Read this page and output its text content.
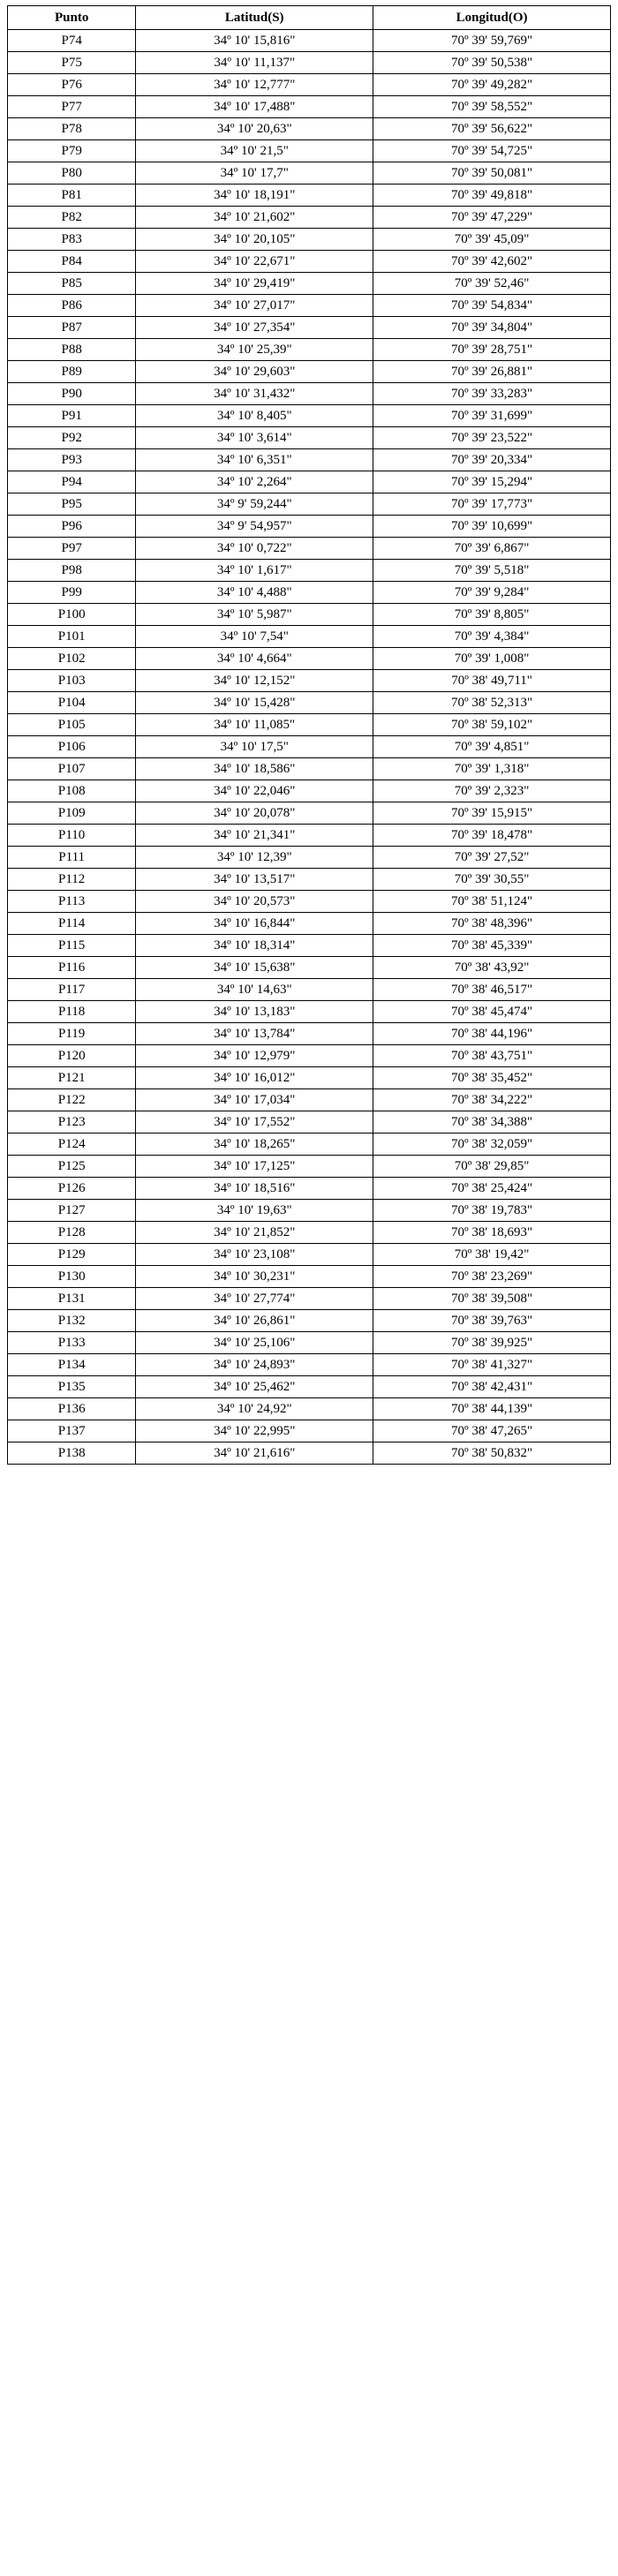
Punto	Latitud(S)	Longitud(O)
P74	34º 10' 15,816"	70º 39' 59,769"
P75	34º 10' 11,137"	70º 39' 50,538"
P76	34º 10' 12,777"	70º 39' 49,282"
P77	34º 10' 17,488"	70º 39' 58,552"
P78	34º 10' 20,63"	70º 39' 56,622"
P79	34º 10' 21,5"	70º 39' 54,725"
P80	34º 10' 17,7"	70º 39' 50,081"
P81	34º 10' 18,191"	70º 39' 49,818"
P82	34º 10' 21,602"	70º 39' 47,229"
P83	34º 10' 20,105"	70º 39' 45,09"
P84	34º 10' 22,671"	70º 39' 42,602"
P85	34º 10' 29,419"	70º 39' 52,46"
P86	34º 10' 27,017"	70º 39' 54,834"
P87	34º 10' 27,354"	70º 39' 34,804"
P88	34º 10' 25,39"	70º 39' 28,751"
P89	34º 10' 29,603"	70º 39' 26,881"
P90	34º 10' 31,432"	70º 39' 33,283"
P91	34º 10' 8,405"	70º 39' 31,699"
P92	34º 10' 3,614"	70º 39' 23,522"
P93	34º 10' 6,351"	70º 39' 20,334"
P94	34º 10' 2,264"	70º 39' 15,294"
P95	34º 9' 59,244"	70º 39' 17,773"
P96	34º 9' 54,957"	70º 39' 10,699"
P97	34º 10' 0,722"	70º 39' 6,867"
P98	34º 10' 1,617"	70º 39' 5,518"
P99	34º 10' 4,488"	70º 39' 9,284"
P100	34º 10' 5,987"	70º 39' 8,805"
P101	34º 10' 7,54"	70º 39' 4,384"
P102	34º 10' 4,664"	70º 39' 1,008"
P103	34º 10' 12,152"	70º 38' 49,711"
P104	34º 10' 15,428"	70º 38' 52,313"
P105	34º 10' 11,085"	70º 38' 59,102"
P106	34º 10' 17,5"	70º 39' 4,851"
P107	34º 10' 18,586"	70º 39' 1,318"
P108	34º 10' 22,046"	70º 39' 2,323"
P109	34º 10' 20,078"	70º 39' 15,915"
P110	34º 10' 21,341"	70º 39' 18,478"
P111	34º 10' 12,39"	70º 39' 27,52"
P112	34º 10' 13,517"	70º 39' 30,55"
P113	34º 10' 20,573"	70º 38' 51,124"
P114	34º 10' 16,844"	70º 38' 48,396"
P115	34º 10' 18,314"	70º 38' 45,339"
P116	34º 10' 15,638"	70º 38' 43,92"
P117	34º 10' 14,63"	70º 38' 46,517"
P118	34º 10' 13,183"	70º 38' 45,474"
P119	34º 10' 13,784"	70º 38' 44,196"
P120	34º 10' 12,979"	70º 38' 43,751"
P121	34º 10' 16,012"	70º 38' 35,452"
P122	34º 10' 17,034"	70º 38' 34,222"
P123	34º 10' 17,552"	70º 38' 34,388"
P124	34º 10' 18,265"	70º 38' 32,059"
P125	34º 10' 17,125"	70º 38' 29,85"
P126	34º 10' 18,516"	70º 38' 25,424"
P127	34º 10' 19,63"	70º 38' 19,783"
P128	34º 10' 21,852"	70º 38' 18,693"
P129	34º 10' 23,108"	70º 38' 19,42"
P130	34º 10' 30,231"	70º 38' 23,269"
P131	34º 10' 27,774"	70º 38' 39,508"
P132	34º 10' 26,861"	70º 38' 39,763"
P133	34º 10' 25,106"	70º 38' 39,925"
P134	34º 10' 24,893"	70º 38' 41,327"
P135	34º 10' 25,462"	70º 38' 42,431"
P136	34º 10' 24,92"	70º 38' 44,139"
P137	34º 10' 22,995"	70º 38' 47,265"
P138	34º 10' 21,616"	70º 38' 50,832"
